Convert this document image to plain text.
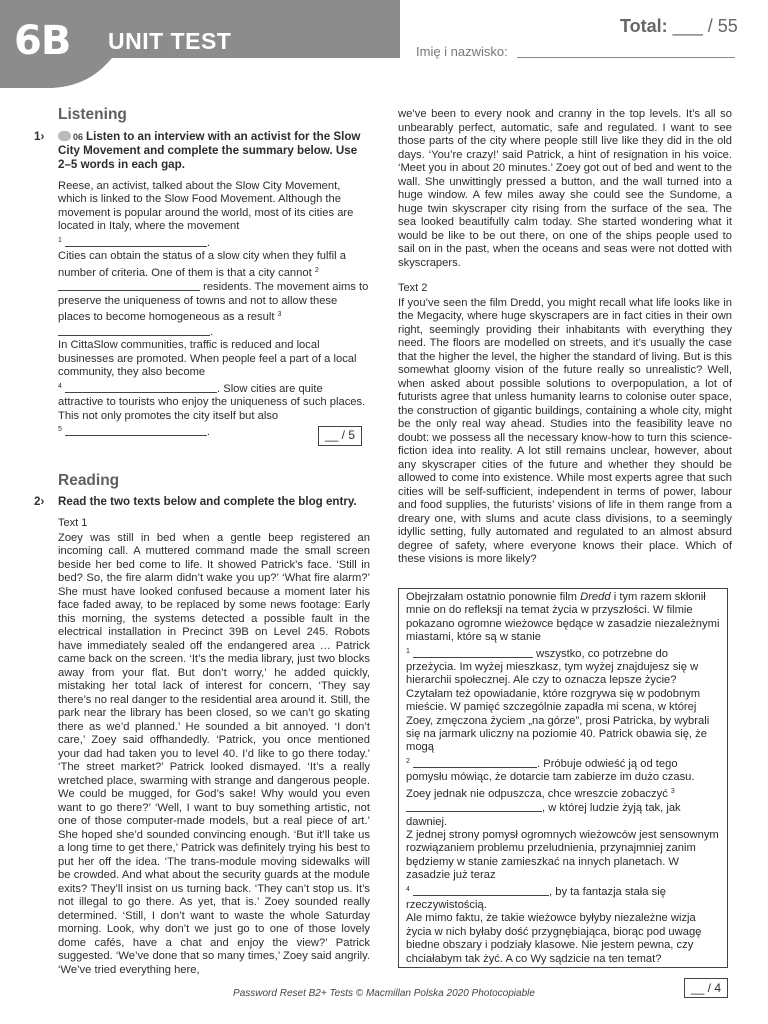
6B UNIT TEST
Total: ___ / 55
Imię i nazwisko:
Listening
1›	06 Listen to an interview with an activist for the Slow City Movement and complete the summary below. Use 2–5 words in each gap.

Reese, an activist, talked about the Slow City Movement, which is linked to the Slow Food Movement. Although the movement is popular around the world, most of its cities are located in Italy, where the movement

$^1$	.

Cities can obtain the status of a slow city when they fulfil a number of criteria. One of them is that a city cannot $^2$  residents. The movement aims to preserve the uniqueness of towns and not to allow these places to become homogeneous as a result $^3$ .

In CittaSlow communities, traffic is reduced and local businesses are promoted. When people feel a part of a local community, they also become

$^4$	. Slow cities are quite attractive to tourists who enjoy the uniqueness of such places. This not only promotes the city itself but also

$^5$	.	__ / 5
Reading
2› Read the two texts below and complete the blog entry.
Text 1

Zoey was still in bed when a gentle beep registered an incoming call. A muttered command made the small screen beside her bed come to life. It showed Patrick’s face. ‘Still in bed? So, the fire alarm didn’t wake you up?’ ‘What fire alarm?’ She must have looked confused because a moment later his face faded away, to be replaced by some news footage: Early this morning, the systems detected a possible fault in the electrical installation in Precinct 39B on Level 245. Robots have immediately sealed off the endangered area … Patrick came back on the screen. ‘It’s the media library, just two blocks away from your flat. But don’t worry,’ he added quickly, mistaking her total lack of interest for concern, ‘They say there’s no real danger to the residential area around it. Still, the park near the library has been closed, so we can’t go skating there as we’d planned.’ He sounded a bit annoyed. ‘I don’t care,’ Zoey said offhandedly. ‘Patrick, you once mentioned your dad had taken you to level 40. I’d like to go there today.’ ‘The street market?’ Patrick looked dismayed. ‘It’s a really wretched place, swarming with strange and dangerous people. We could be mugged, for God’s sake! Why would you even want to go there?’ ‘Well, I want to buy something artistic, not one of those computer-made models, but a real piece of art.’ She hoped she’d sounded convincing enough. ‘But it’ll take us a long time to get there,’ Patrick was definitely trying his best to put her off the idea. ‘The trans-module moving sidewalks will be crowded. And what about the security guards at the module exits? They’ll insist on us turning back. ‘They can’t stop us. It’s not illegal to go there. As yet, that is.’ Zoey sounded really determined. ‘Still, I don’t want to waste the whole Saturday morning. Look, why don’t we just go to one of those lovely dome cafés, have a chat and enjoy the view?’ Patrick suggested. ‘We’ve done that so many times,’ Zoey said angrily. ‘We’ve tried everything here,

we’ve been to every nook and cranny in the top levels. It’s all so unbearably perfect, automatic, safe and regulated. I want to see those parts of the city where people still live like they did in the old days. ‘You’re crazy!’ said Patrick, a hint of resignation in his voice. ‘Meet you in about 20 minutes.’ Zoey got out of bed and went to the wall. She unwittingly pressed a button, and the wall turned into a huge window. A few miles away she could see the Sundome, a huge twin skyscraper city rising from the surface of the sea. The sea looked beautifully calm today. She started wondering what it would be like to be out there, on one of the ships people used to sail on in the past, when the oceans and seas were not dotted with skyscrapers.

Text 2

If you’ve seen the film Dredd, you might recall what life looks like in the Megacity, where huge skyscrapers are in fact cities in their own right, seemingly providing their inhabitants with everything they need. The floors are modelled on streets, and it’s usually the case that the higher the level, the higher the standard of living. But is this somewhat gloomy vision of the future really so unrealistic? Well, when asked about possible solutions to overpopulation, a lot of futurists agree that unless humanity learns to colonise outer space, the construction of gigantic buildings, containing a whole city, might be the only real way ahead. Studies into the feasibility leave no doubt: we possess all the necessary know-how to turn this science-fiction idea into reality. A lot still remains unclear, however, about any skyscraper cities of the future and whether they should be allowed to come into existence. While most experts agree that such cities will be self-sufficient, independent in terms of power, labour and food supplies, the futurists’ visions of life in them range from a dreary one, with slums and acute class divisions, to a seemingly idyllic setting, fully automated and regulated to an almost absurd degree of safety, where everyone knows their place. Which of these visions is more likely?

Obejrzałam ostatnio ponownie film Dredd i tym razem skłonił mnie on do refleksji na temat życia w przyszłości. W filmie pokazano ogromne wieżowce będące w zasadzie niezależnymi miastami, które są w stanie

$^1$	wszystko, co potrzebne do przeżycia. Im wyżej mieszkasz, tym wyżej znajdujesz się w hierarchii społecznej. Ale czy to oznacza lepsze życie?

Czytałam też opowiadanie, które rozgrywa się w podobnym mieście. W pamięć szczególnie zapadła mi scena, w której Zoey, zmęczona życiem „na górze”, prosi Patricka, by wybrali się na jarmark uliczny na poziomie 40. Patrick obawia się, że mogą

$^2$	. Próbuje odwieść ją od tego pomysłu mówiąc, że dotarcie tam zabierze im dużo czasu. Zoey jednak nie odpuszcza, chce wreszcie zobaczyć $^3$ , w której ludzie żyją tak, jak dawniej.

Z jednej strony pomysł ogromnych wieżowców jest sensownym rozwiązaniem problemu przeludnienia, przynajmniej zanim będziemy w stanie zamieszkać na innych planetach. W zasadzie już teraz

$^4$	, by ta fantazja stała się rzeczywistością.

Ale mimo faktu, że takie wieżowce byłyby niezależne wizja życia w nich byłaby dość przygnębiająca, biorąc pod uwagę biedne obszary i podziały klasowe. Nie jestem pewna, czy chciałabym tak żyć. A co Wy sądzicie na ten temat?

__ / 4
Password Reset B2+ Tests © Macmillan Polska 2020 Photocopiable
